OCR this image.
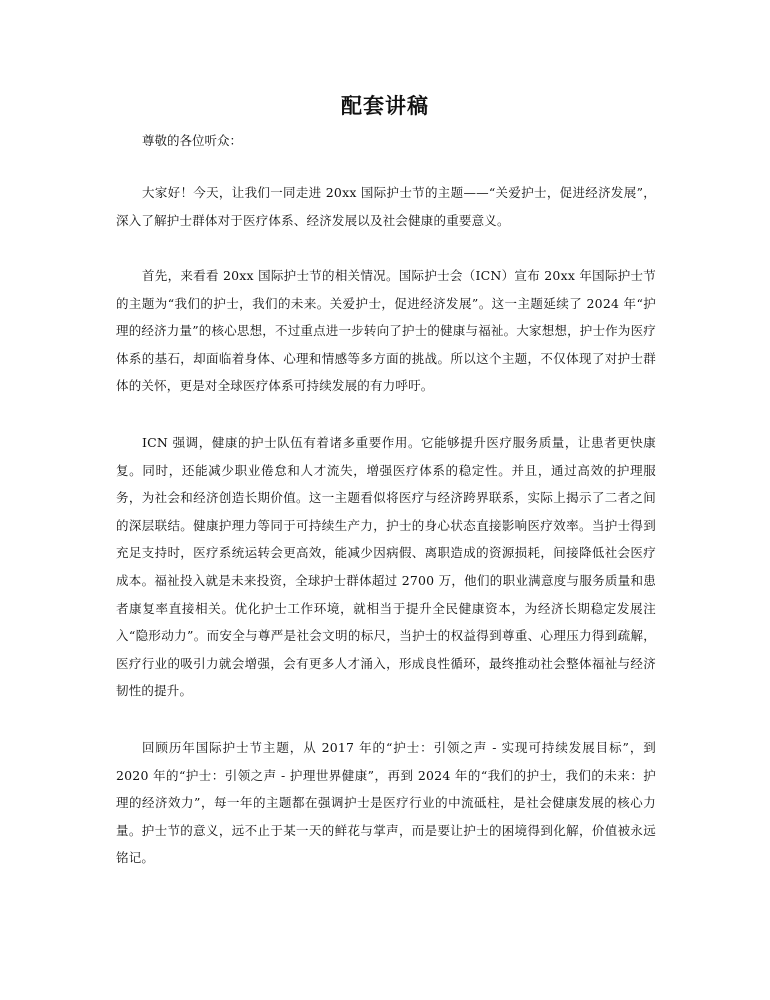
配套讲稿

尊敬的各位听众：

大家好！今天，让我们一同走进 20xx 国际护士节的主题——“关爱护士，促进经济发展”，深入了解护士群体对于医疗体系、经济发展以及社会健康的重要意义。

首先，来看看 20xx 国际护士节的相关情况。国际护士会（ICN）宣布 20xx 年国际护士节的主题为“我们的护士，我们的未来。关爱护士，促进经济发展”。这一主题延续了 2024 年“护理的经济力量”的核心思想，不过重点进一步转向了护士的健康与福祉。大家想想，护士作为医疗体系的基石，却面临着身体、心理和情感等多方面的挑战。所以这个主题，不仅体现了对护士群体的关怀，更是对全球医疗体系可持续发展的有力呼吁。

ICN 强调，健康的护士队伍有着诸多重要作用。它能够提升医疗服务质量，让患者更快康复。同时，还能减少职业倦怠和人才流失，增强医疗体系的稳定性。并且，通过高效的护理服务，为社会和经济创造长期价值。这一主题看似将医疗与经济跨界联系，实际上揭示了二者之间的深层联结。健康护理力等同于可持续生产力，护士的身心状态直接影响医疗效率。当护士得到充足支持时，医疗系统运转会更高效，能减少因病假、离职造成的资源损耗，间接降低社会医疗成本。福祉投入就是未来投资，全球护士群体超过 2700 万，他们的职业满意度与服务质量和患者康复率直接相关。优化护士工作环境，就相当于提升全民健康资本，为经济长期稳定发展注入“隐形动力”。而安全与尊严是社会文明的标尺，当护士的权益得到尊重、心理压力得到疏解，医疗行业的吸引力就会增强，会有更多人才涌入，形成良性循环，最终推动社会整体福祉与经济韧性的提升。

回顾历年国际护士节主题，从 2017 年的“护士：引领之声 - 实现可持续发展目标”，到 2020 年的“护士：引领之声 - 护理世界健康”，再到 2024 年的“我们的护士，我们的未来：护理的经济效力”，每一年的主题都在强调护士是医疗行业的中流砥柱，是社会健康发展的核心力量。护士节的意义，远不止于某一天的鲜花与掌声，而是要让护士的困境得到化解，价值被永远铭记。
